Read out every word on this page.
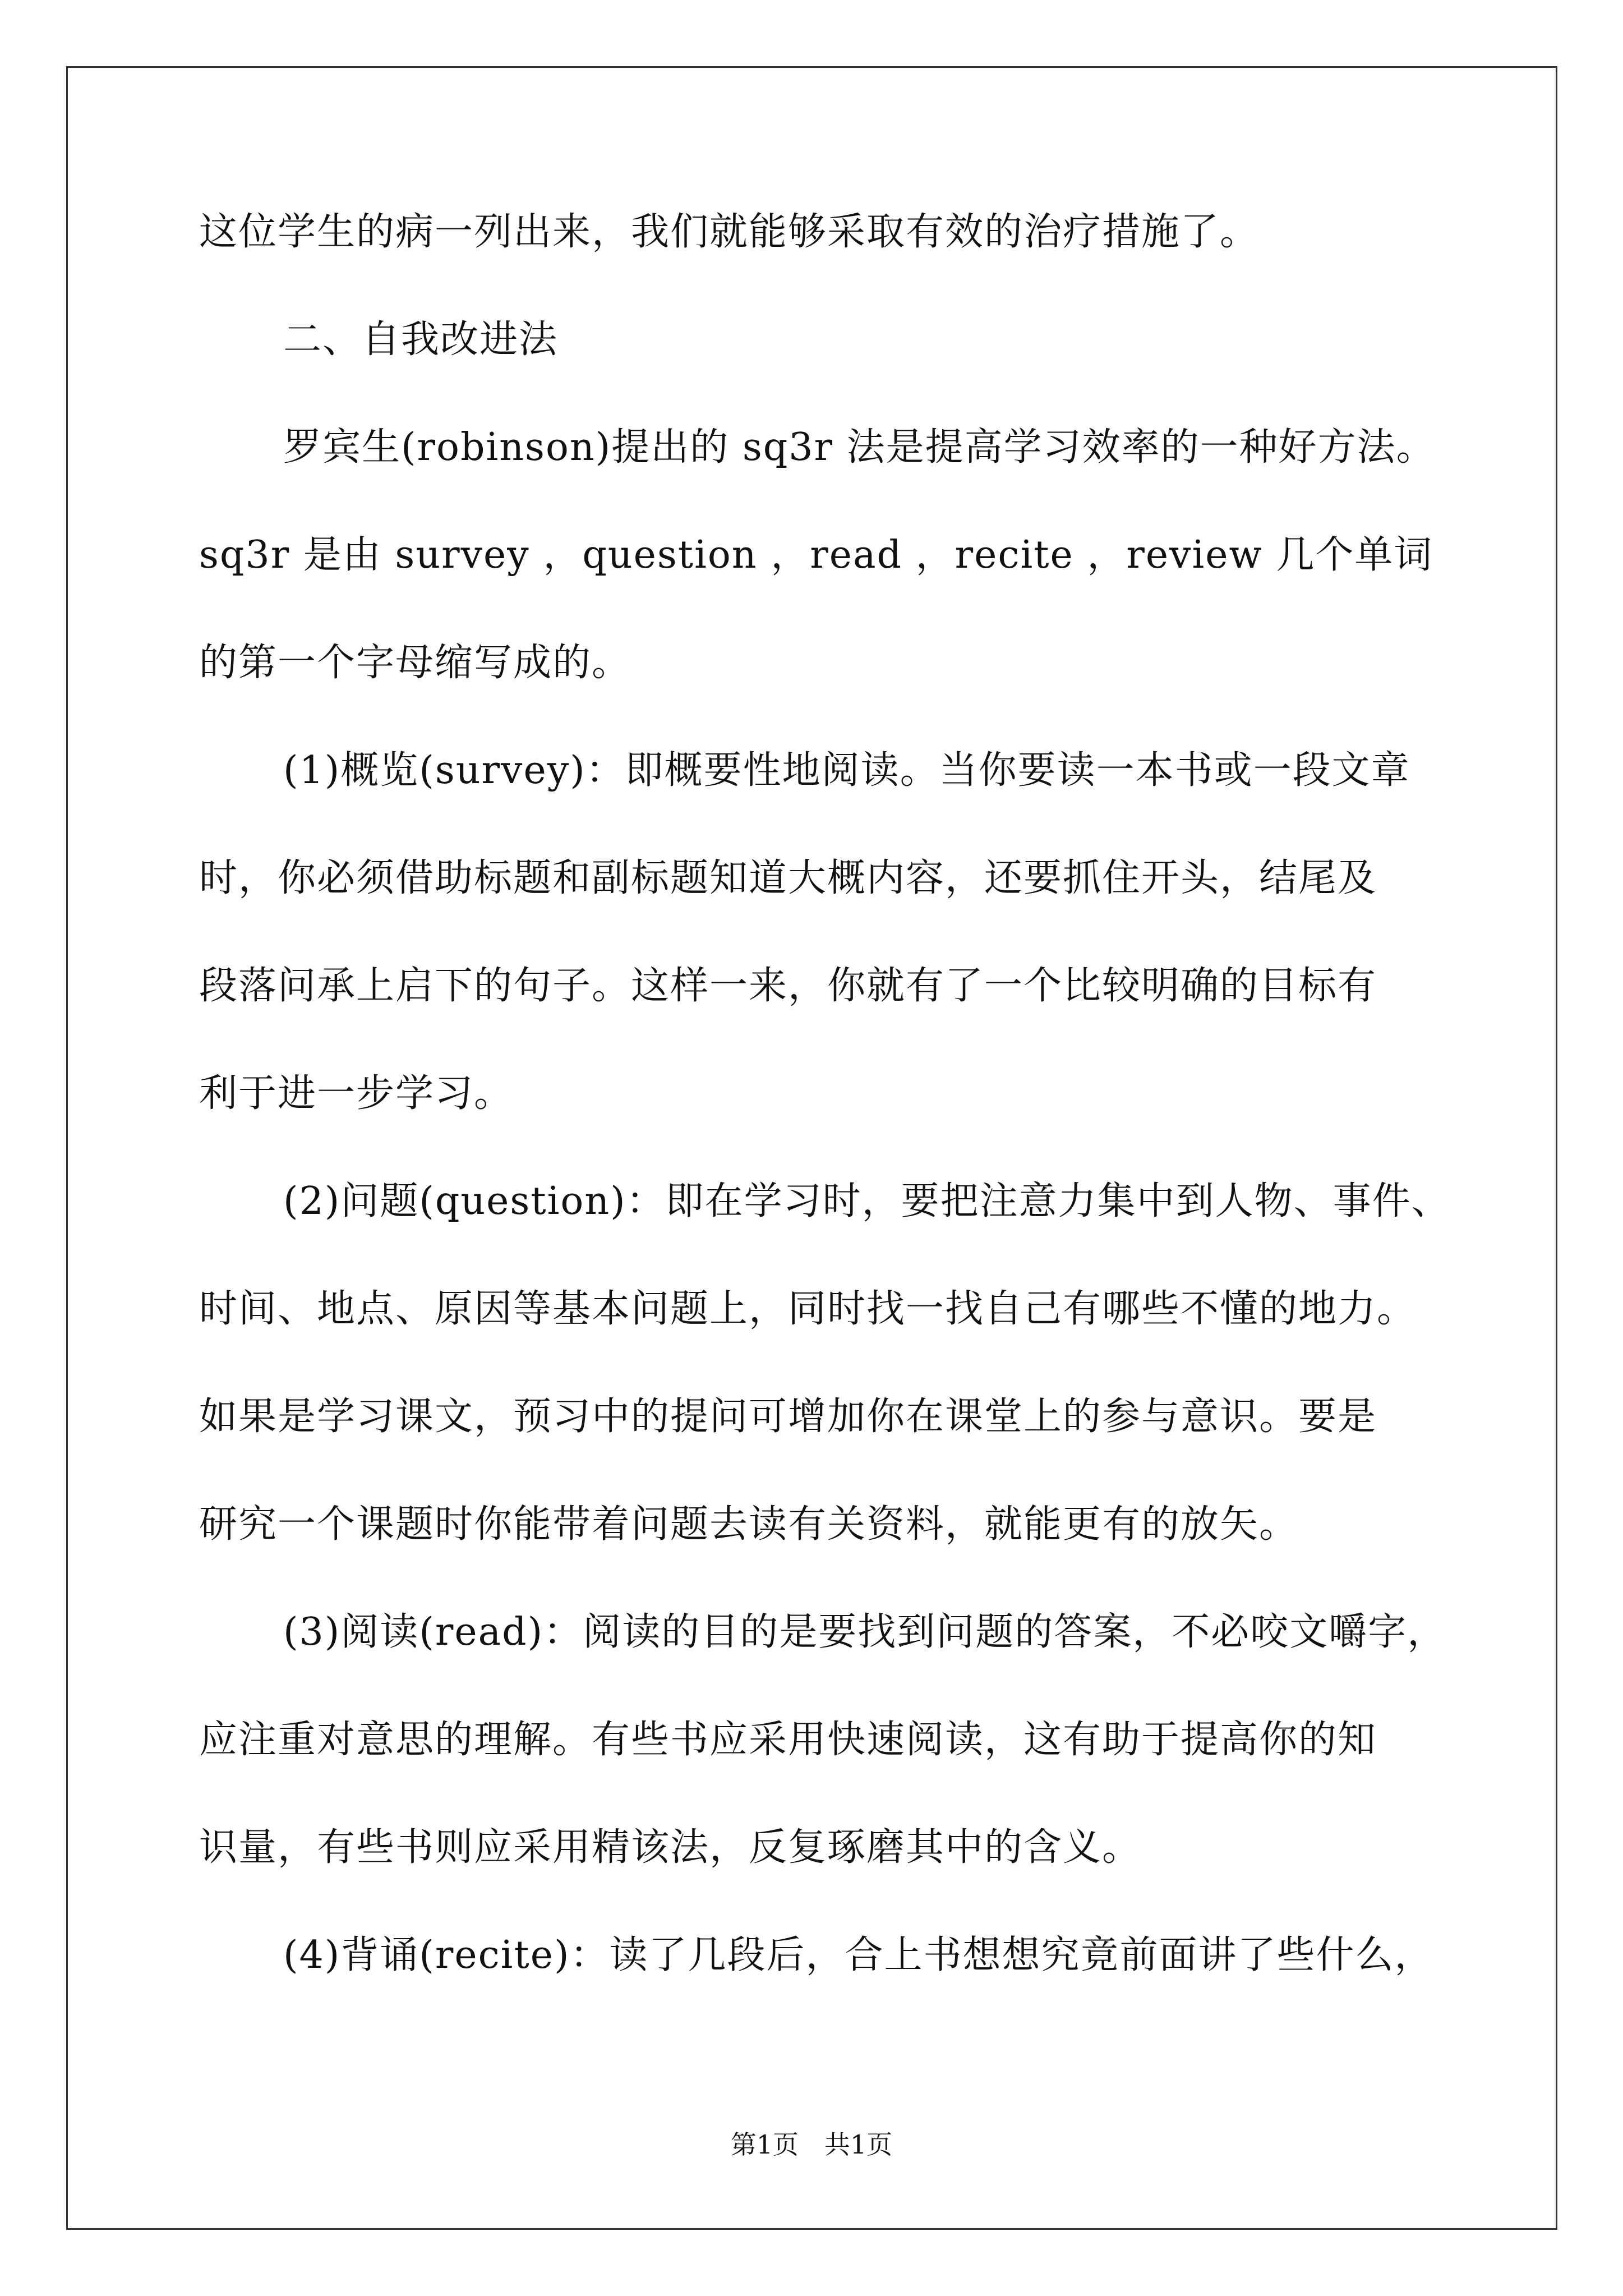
这位学生的病一列出来，我们就能够采取有效的治疗措施了。
二、自我改进法
罗宾生(robinson)提出的 sq3r 法是提高学习效率的一种好方法。
sq3r 是由 survey ，question ，read ，recite ，review 几个单词
的第一个字母缩写成的。
(1)概览(survey)：即概要性地阅读。当你要读一本书或一段文章
时，你必须借助标题和副标题知道大概内容，还要抓住开头，结尾及
段落问承上启下的句子。这样一来，你就有了一个比较明确的目标有
利于进一步学习。
(2)问题(question)：即在学习时，要把注意力集中到人物、事件、
时间、地点、原因等基本问题上，同时找一找自己有哪些不懂的地力。
如果是学习课文，预习中的提问可增加你在课堂上的参与意识。要是
研究一个课题时你能带着问题去读有关资料，就能更有的放矢。
(3)阅读(read)：阅读的目的是要找到问题的答案，不必咬文嚼字，
应注重对意思的理解。有些书应采用快速阅读，这有助于提高你的知
识量，有些书则应采用精该法，反复琢磨其中的含义。
(4)背诵(recite)：读了几段后，合上书想想究竟前面讲了些什么，
第1页　共1页
